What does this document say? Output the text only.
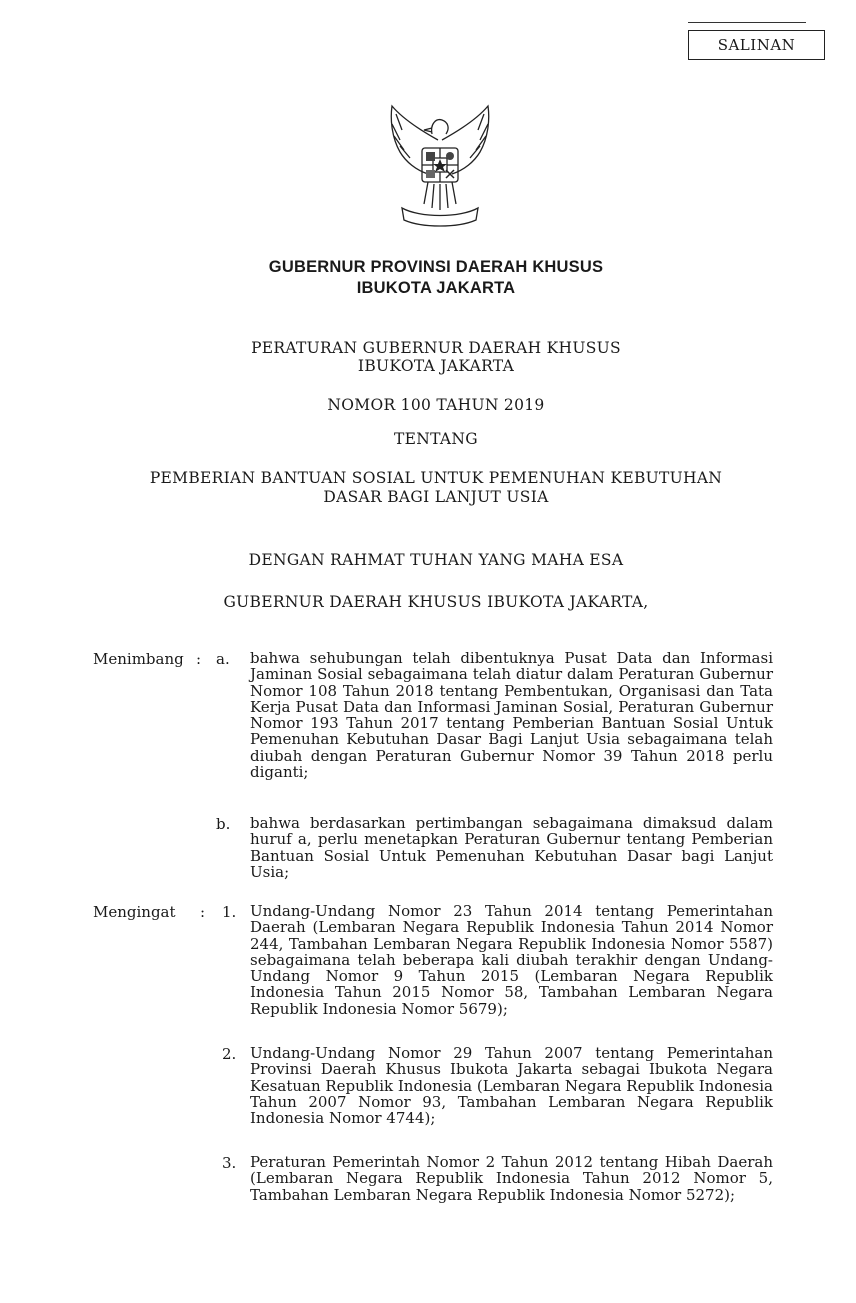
SALINAN
GUBERNUR PROVINSI DAERAH KHUSUS
IBUKOTA JAKARTA
PERATURAN GUBERNUR DAERAH KHUSUS
IBUKOTA JAKARTA
NOMOR 100 TAHUN 2019
TENTANG
PEMBERIAN BANTUAN SOSIAL UNTUK PEMENUHAN KEBUTUHAN
DASAR BAGI LANJUT USIA
DENGAN RAHMAT TUHAN YANG MAHA ESA
GUBERNUR DAERAH KHUSUS IBUKOTA JAKARTA,
Menimbang : a. bahwa sehubungan telah dibentuknya Pusat Data dan Informasi Jaminan Sosial sebagaimana telah diatur dalam Peraturan Gubernur Nomor 108 Tahun 2018 tentang Pembentukan, Organisasi dan Tata Kerja Pusat Data dan Informasi Jaminan Sosial, Peraturan Gubernur Nomor 193 Tahun 2017 tentang Pemberian Bantuan Sosial Untuk Pemenuhan Kebutuhan Dasar Bagi Lanjut Usia sebagaimana telah diubah dengan Peraturan Gubernur Nomor 39 Tahun 2018 perlu diganti;
b. bahwa berdasarkan pertimbangan sebagaimana dimaksud dalam huruf a, perlu menetapkan Peraturan Gubernur tentang Pemberian Bantuan Sosial Untuk Pemenuhan Kebutuhan Dasar bagi Lanjut Usia;
Mengingat : 1. Undang-Undang Nomor 23 Tahun 2014 tentang Pemerintahan Daerah (Lembaran Negara Republik Indonesia Tahun 2014 Nomor 244, Tambahan Lembaran Negara Republik Indonesia Nomor 5587) sebagaimana telah beberapa kali diubah terakhir dengan Undang-Undang Nomor 9 Tahun 2015 (Lembaran Negara Republik Indonesia Tahun 2015 Nomor 58, Tambahan Lembaran Negara Republik Indonesia Nomor 5679);
2. Undang-Undang Nomor 29 Tahun 2007 tentang Pemerintahan Provinsi Daerah Khusus Ibukota Jakarta sebagai Ibukota Negara Kesatuan Republik Indonesia (Lembaran Negara Republik Indonesia Tahun 2007 Nomor 93, Tambahan Lembaran Negara Republik Indonesia Nomor 4744);
3. Peraturan Pemerintah Nomor 2 Tahun 2012 tentang Hibah Daerah (Lembaran Negara Republik Indonesia Tahun 2012 Nomor 5, Tambahan Lembaran Negara Republik Indonesia Nomor 5272);
